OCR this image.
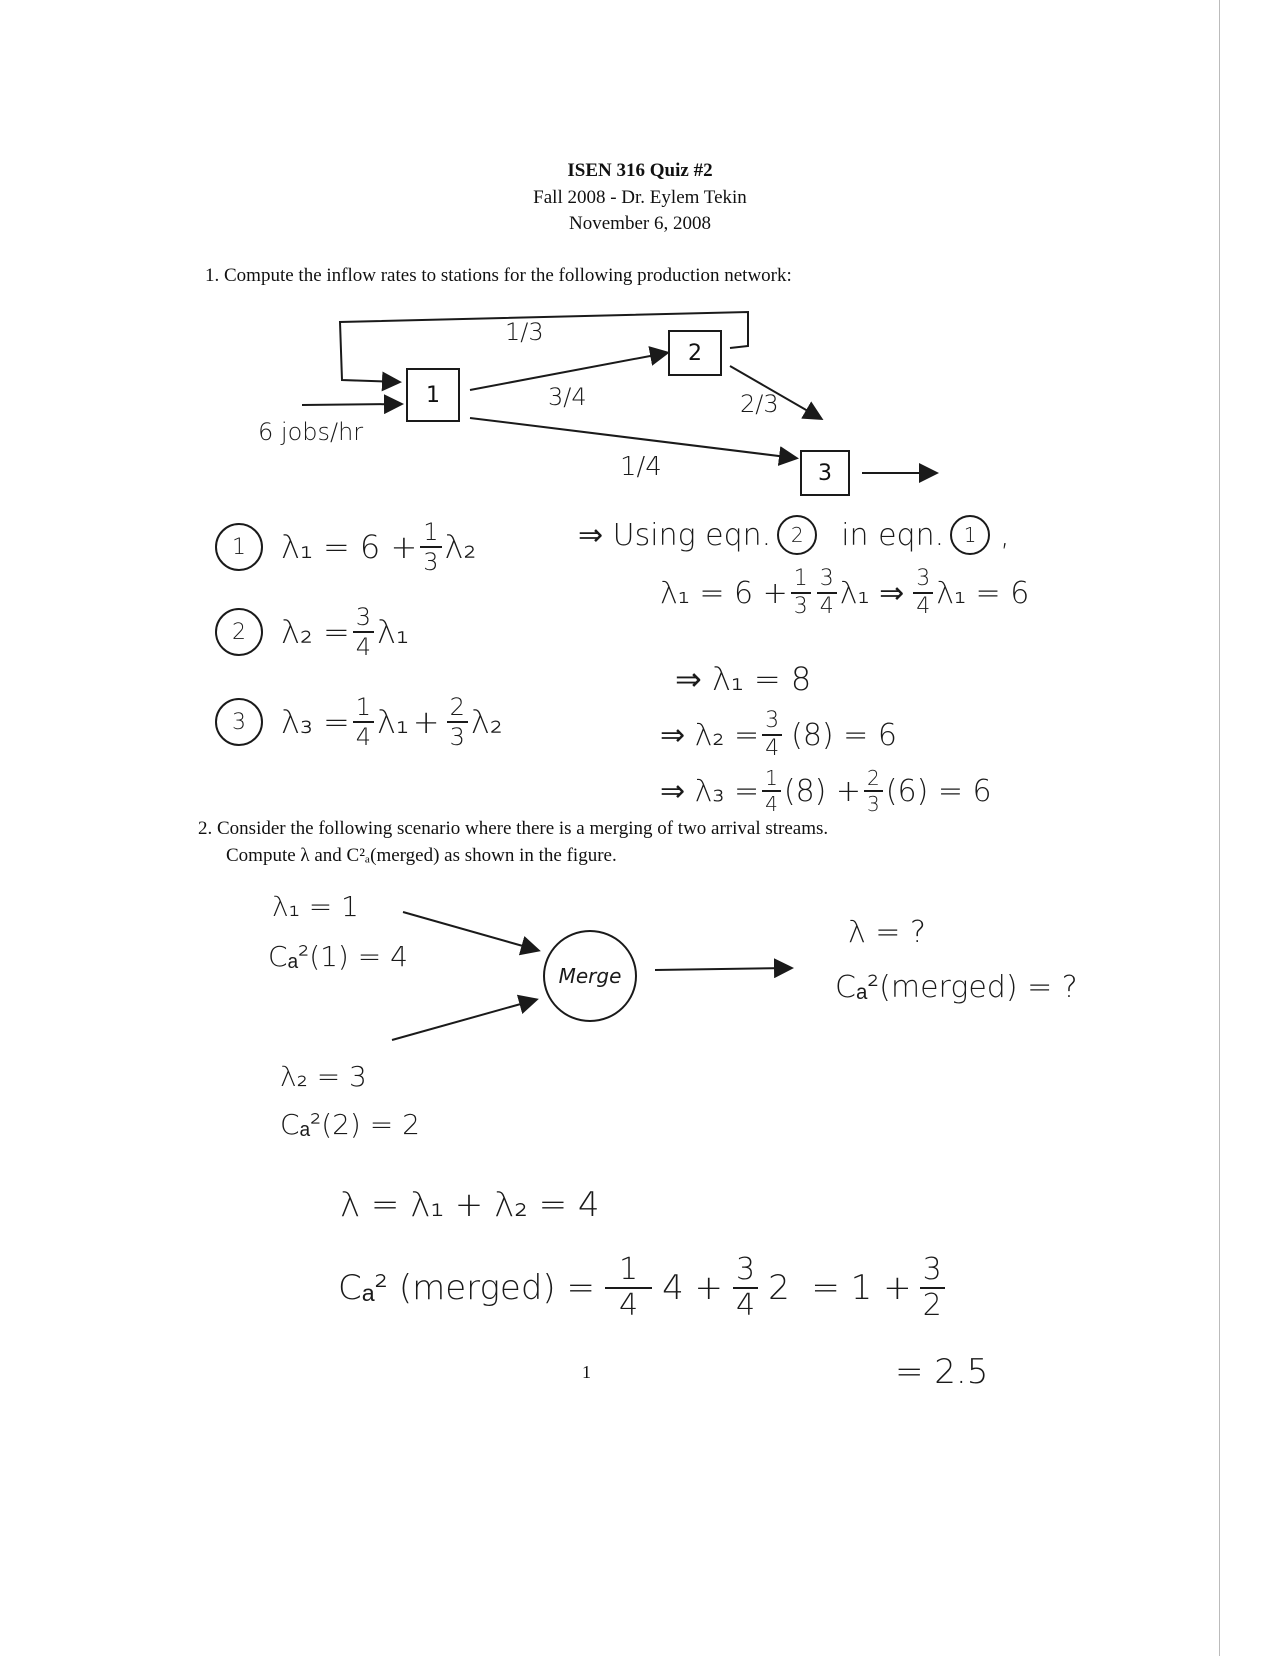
ISEN 316 Quiz #2
Fall 2008 - Dr. Eylem Tekin
November 6, 2008
1. Compute the inflow rates to stations for the following production network:
1
2
3
1/3
3/4	2/3
1/4
6 jobs/hr
1	$\lambda_1 = 6 + \frac{1}{3} \lambda_2$
2	$\lambda_2 = \frac{3}{4} \lambda_1$
3	$\lambda_3 = \frac{1}{4} \lambda_1 + \frac{2}{3} \lambda_2$
⇒ Using eqn. 2	in eqn. 1 ,
$\lambda_1 = 6 + \frac{1}{3} \frac{3}{4} \lambda_1$ ⇒ $\frac{3}{4} \lambda_1 = 6$
⇒ λ₁ = 8
⇒ $\lambda_2 = \frac{3}{4} (8) = 6$
⇒ $\lambda_3 = \frac{1}{4} (8) + \frac{2}{3} (6) = 6$
2. Consider the following scenario where there is a merging of two arrival streams.
Compute λ and C²ₐ(merged) as shown in the figure.
λ₁ = 1
Cₐ²(1) = 4
Merge
λ = ?
Cₐ²(merged) = ?
λ₂ = 3
Cₐ²(2) = 2
λ = λ₁ + λ₂ = 4
Cₐ² (merged) = $\frac{1}{4} 4 + \frac{3}{4} 2 = 1 + \frac{3}{2}$
= 2.5
1
